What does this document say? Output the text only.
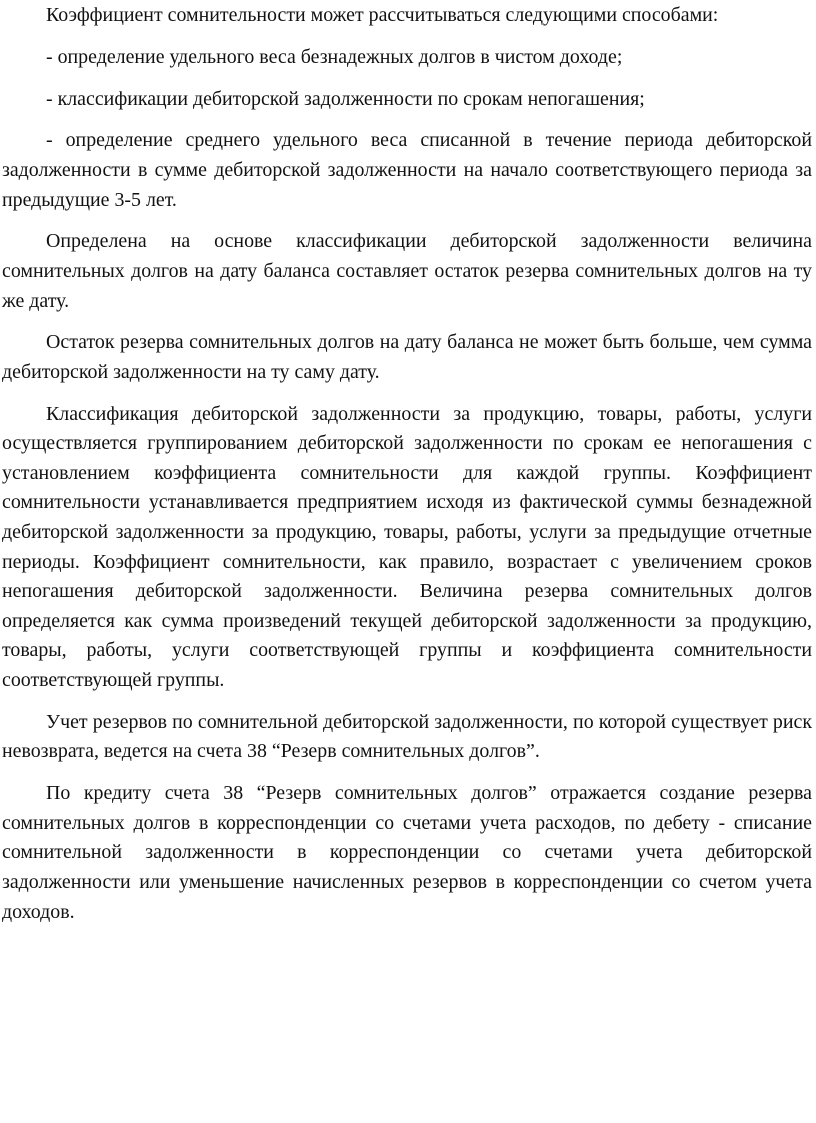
Коэффициент сомнительности может рассчитываться следующими способами:

- определение удельного веса безнадежных долгов в чистом доходе;

- классификации дебиторской задолженности по срокам непогашения;

- определение среднего удельного веса списанной в течение периода дебиторской задолженности в сумме дебиторской задолженности на начало соответствующего периода за предыдущие 3-5 лет.

Определена на основе классификации дебиторской задолженности величина сомнительных долгов на дату баланса составляет остаток резерва сомнительных долгов на ту же дату.

Остаток резерва сомнительных долгов на дату баланса не может быть больше, чем сумма дебиторской задолженности на ту саму дату.

Классификация дебиторской задолженности за продукцию, товары, работы, услуги осуществляется группированием дебиторской задолженности по срокам ее непогашения с установлением коэффициента сомнительности для каждой группы. Коэффициент сомнительности устанавливается предприятием исходя из фактической суммы безнадежной дебиторской задолженности за продукцию, товары, работы, услуги за предыдущие отчетные периоды. Коэффициент сомнительности, как правило, возрастает с увеличением сроков непогашения дебиторской задолженности. Величина резерва сомнительных долгов определяется как сумма произведений текущей дебиторской задолженности за продукцию, товары, работы, услуги соответствующей группы и коэффициента сомнительности соответствующей группы.

Учет резервов по сомнительной дебиторской задолженности, по которой существует риск невозврата, ведется на счета 38 “Резерв сомнительных долгов”.

По кредиту счета 38 “Резерв сомнительных долгов” отражается создание резерва сомнительных долгов в корреспонденции со счетами учета расходов, по дебету - списание сомнительной задолженности в корреспонденции со счетами учета дебиторской задолженности или уменьшение начисленных резервов в корреспонденции со счетом учета доходов.
